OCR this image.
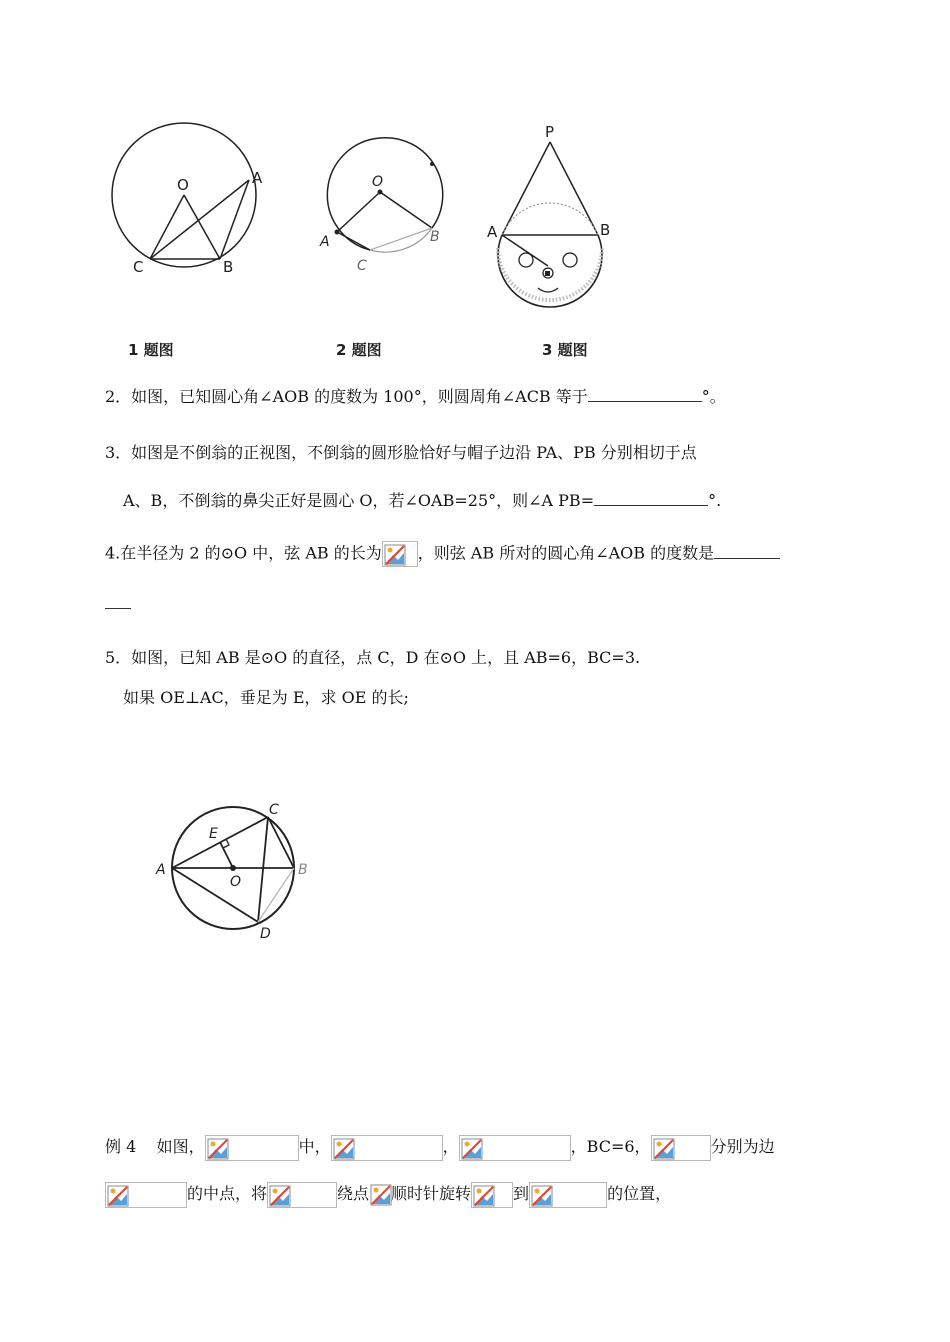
O	A
C	B
O
A
C
B
P
A	B
1 题图	2 题图	3 题图
2．如图，已知圆心角∠AOB 的度数为 100°，则圆周角∠ACB 等于	°。
3．如图是不倒翁的正视图，不倒翁的圆形脸恰好与帽子边沿 PA、PB 分别相切于点
A、B，不倒翁的鼻尖正好是圆心 O，若∠OAB=25°，则∠A PB=	°.
4.在半径为 2 的⊙O 中，弦 AB 的长为 ，则弦 AB 所对的圆心角∠AOB 的度数是
5．如图，已知 AB 是⊙O 的直径，点 C，D 在⊙O 上，且 AB=6，BC=3.
如果 OE⊥AC，垂足为 E，求 OE 的长;
A	B
C
D
E
O
例 4 如图，	中，	，	，BC=6，	分别为边
的中点，将	绕点 顺时针旋转	到	的位置，
